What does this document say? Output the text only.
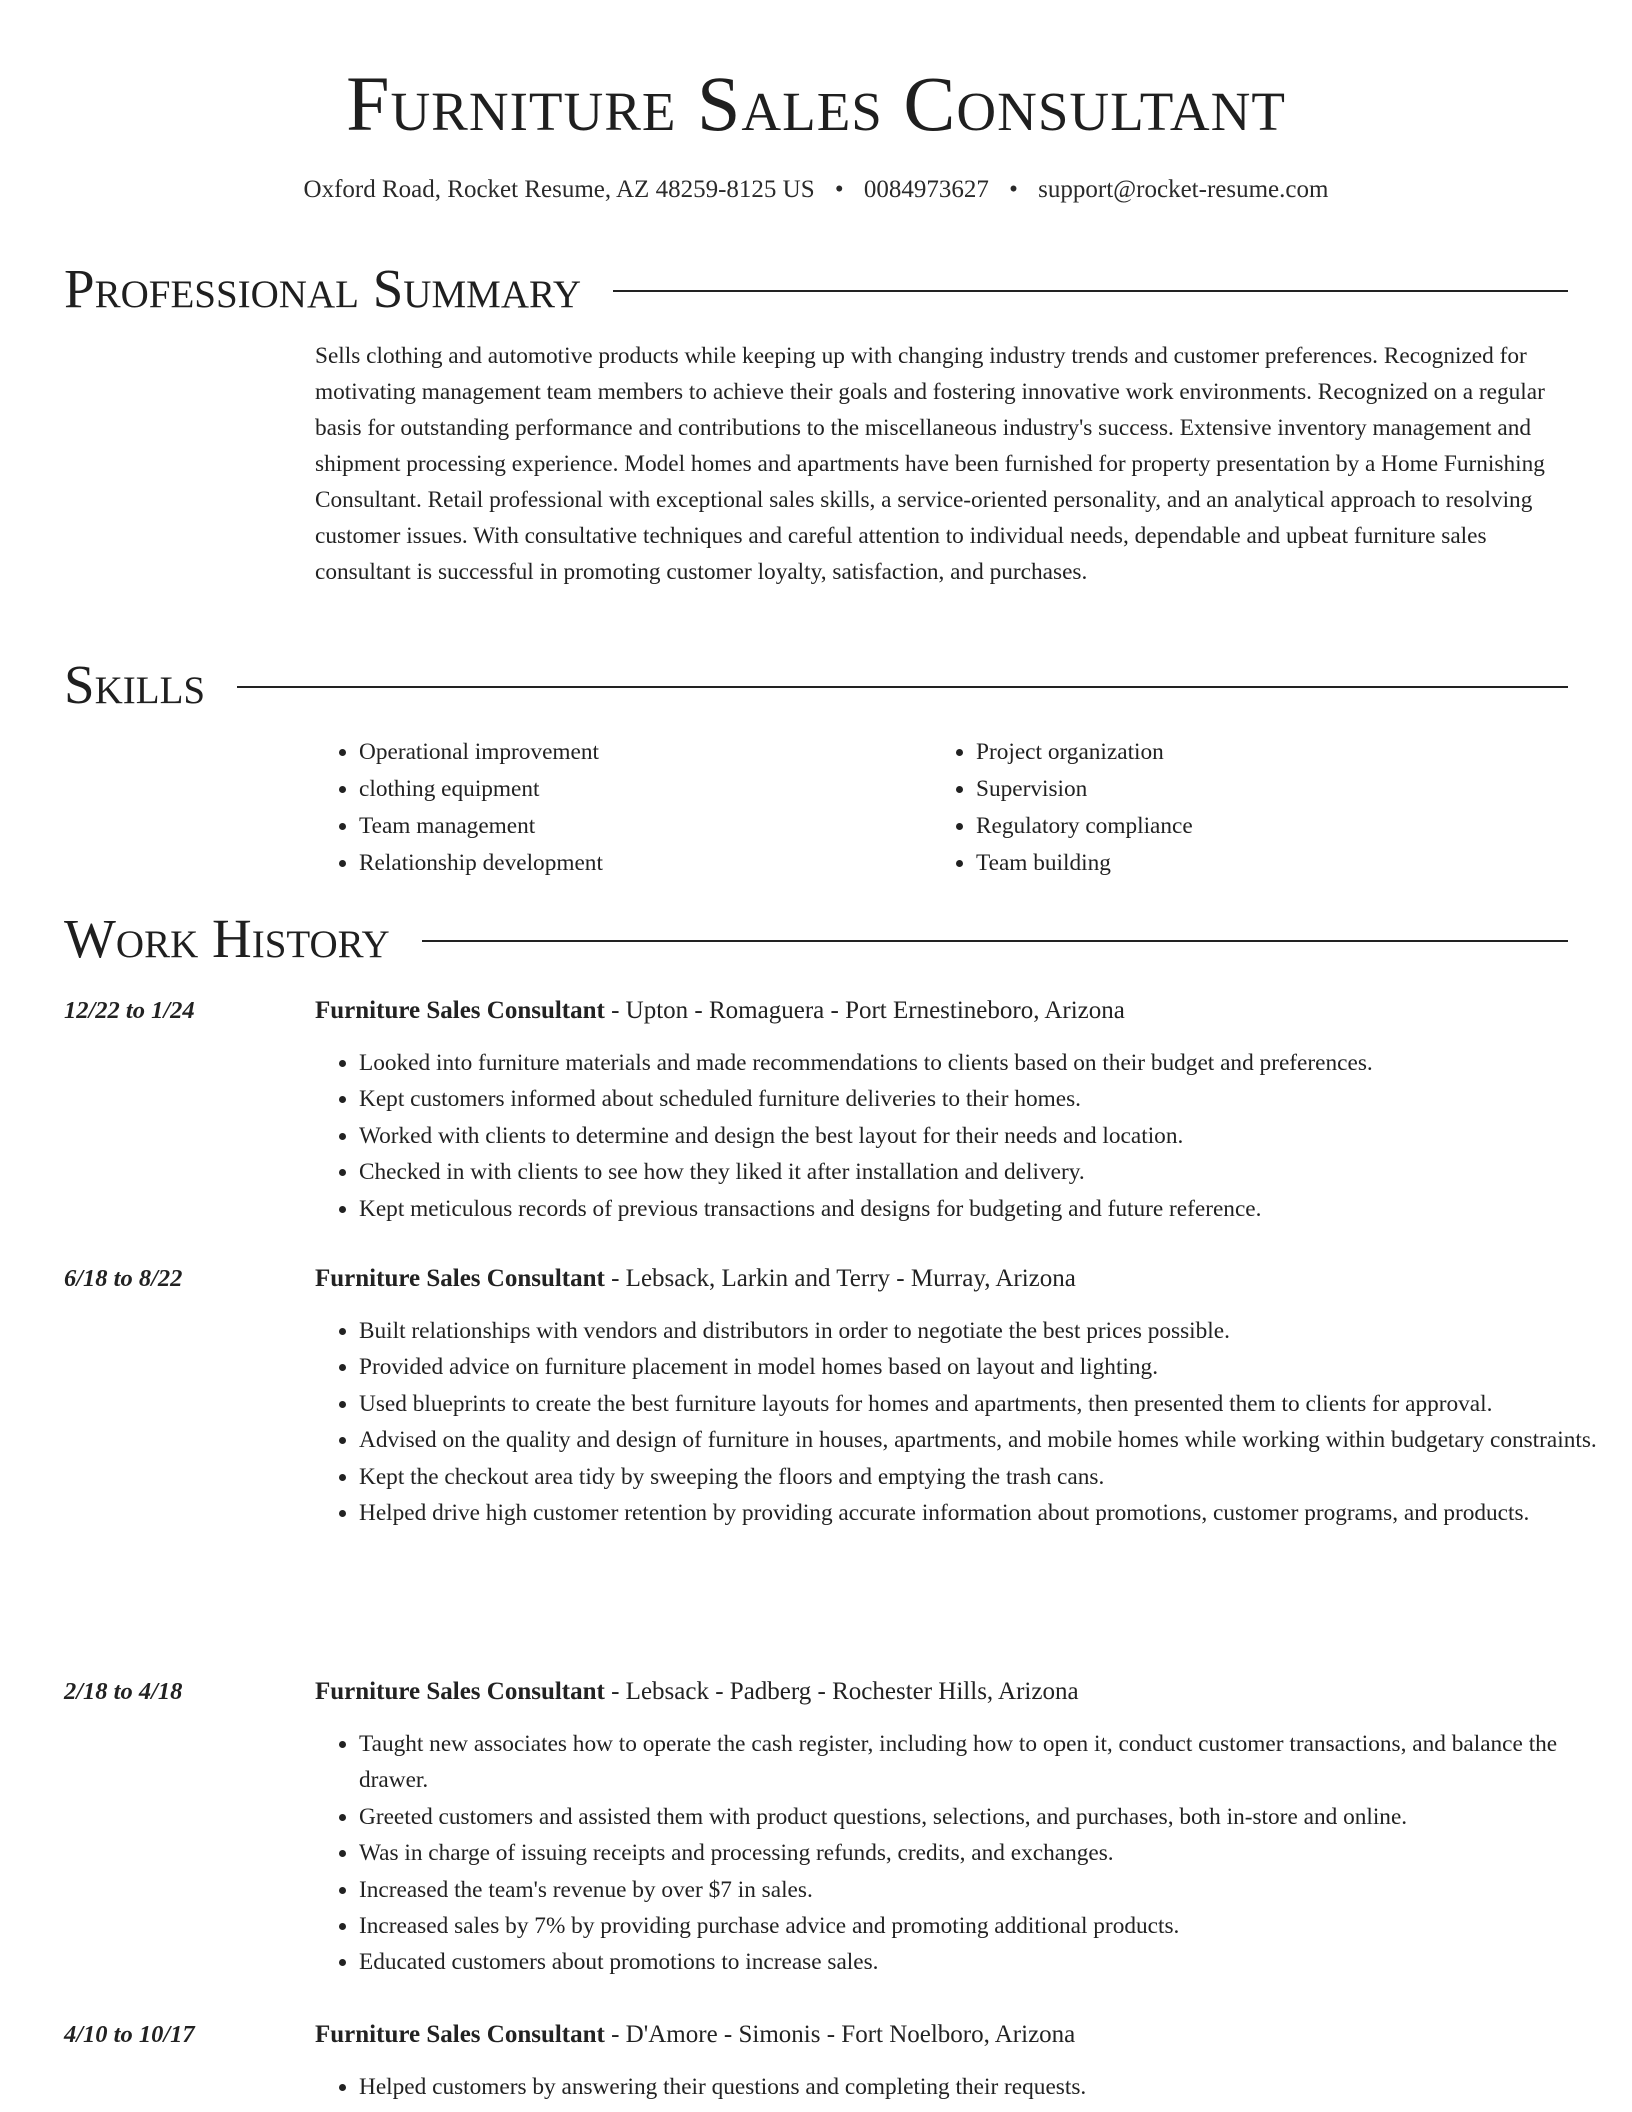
Furniture Sales Consultant
Oxford Road, Rocket Resume, AZ 48259-8125 US • 0084973627 • support@rocket-resume.com
Professional Summary

Sells clothing and automotive products while keeping up with changing industry trends and customer preferences. Recognized for motivating management team members to achieve their goals and fostering innovative work environments. Recognized on a regular basis for outstanding performance and contributions to the miscellaneous industry's success. Extensive inventory management and shipment processing experience. Model homes and apartments have been furnished for property presentation by a Home Furnishing Consultant. Retail professional with exceptional sales skills, a service-oriented personality, and an analytical approach to resolving customer issues. With consultative techniques and careful attention to individual needs, dependable and upbeat furniture sales consultant is successful in promoting customer loyalty, satisfaction, and purchases.

Skills
• Operational improvement
• clothing equipment
• Team management
• Relationship development
• Project organization
• Supervision
• Regulatory compliance
• Team building
Work History
12/22 to 1/24	Furniture Sales Consultant - Upton - Romaguera - Port Ernestineboro, Arizona
• Looked into furniture materials and made recommendations to clients based on their budget and preferences.
• Kept customers informed about scheduled furniture deliveries to their homes.
• Worked with clients to determine and design the best layout for their needs and location.
• Checked in with clients to see how they liked it after installation and delivery.
• Kept meticulous records of previous transactions and designs for budgeting and future reference.
6/18 to 8/22	Furniture Sales Consultant - Lebsack, Larkin and Terry - Murray, Arizona
• Built relationships with vendors and distributors in order to negotiate the best prices possible.
• Provided advice on furniture placement in model homes based on layout and lighting.
• Used blueprints to create the best furniture layouts for homes and apartments, then presented them to clients for approval.
• Advised on the quality and design of furniture in houses, apartments, and mobile homes while working within budgetary constraints.
• Kept the checkout area tidy by sweeping the floors and emptying the trash cans.
• Helped drive high customer retention by providing accurate information about promotions, customer programs, and products.
2/18 to 4/18	Furniture Sales Consultant - Lebsack - Padberg - Rochester Hills, Arizona
• Taught new associates how to operate the cash register, including how to open it, conduct customer transactions, and balance the drawer.
• Greeted customers and assisted them with product questions, selections, and purchases, both in-store and online.
• Was in charge of issuing receipts and processing refunds, credits, and exchanges.
• Increased the team's revenue by over $7 in sales.
• Increased sales by 7% by providing purchase advice and promoting additional products.
• Educated customers about promotions to increase sales.
4/10 to 10/17	Furniture Sales Consultant - D'Amore - Simonis - Fort Noelboro, Arizona
• Helped customers by answering their questions and completing their requests.
